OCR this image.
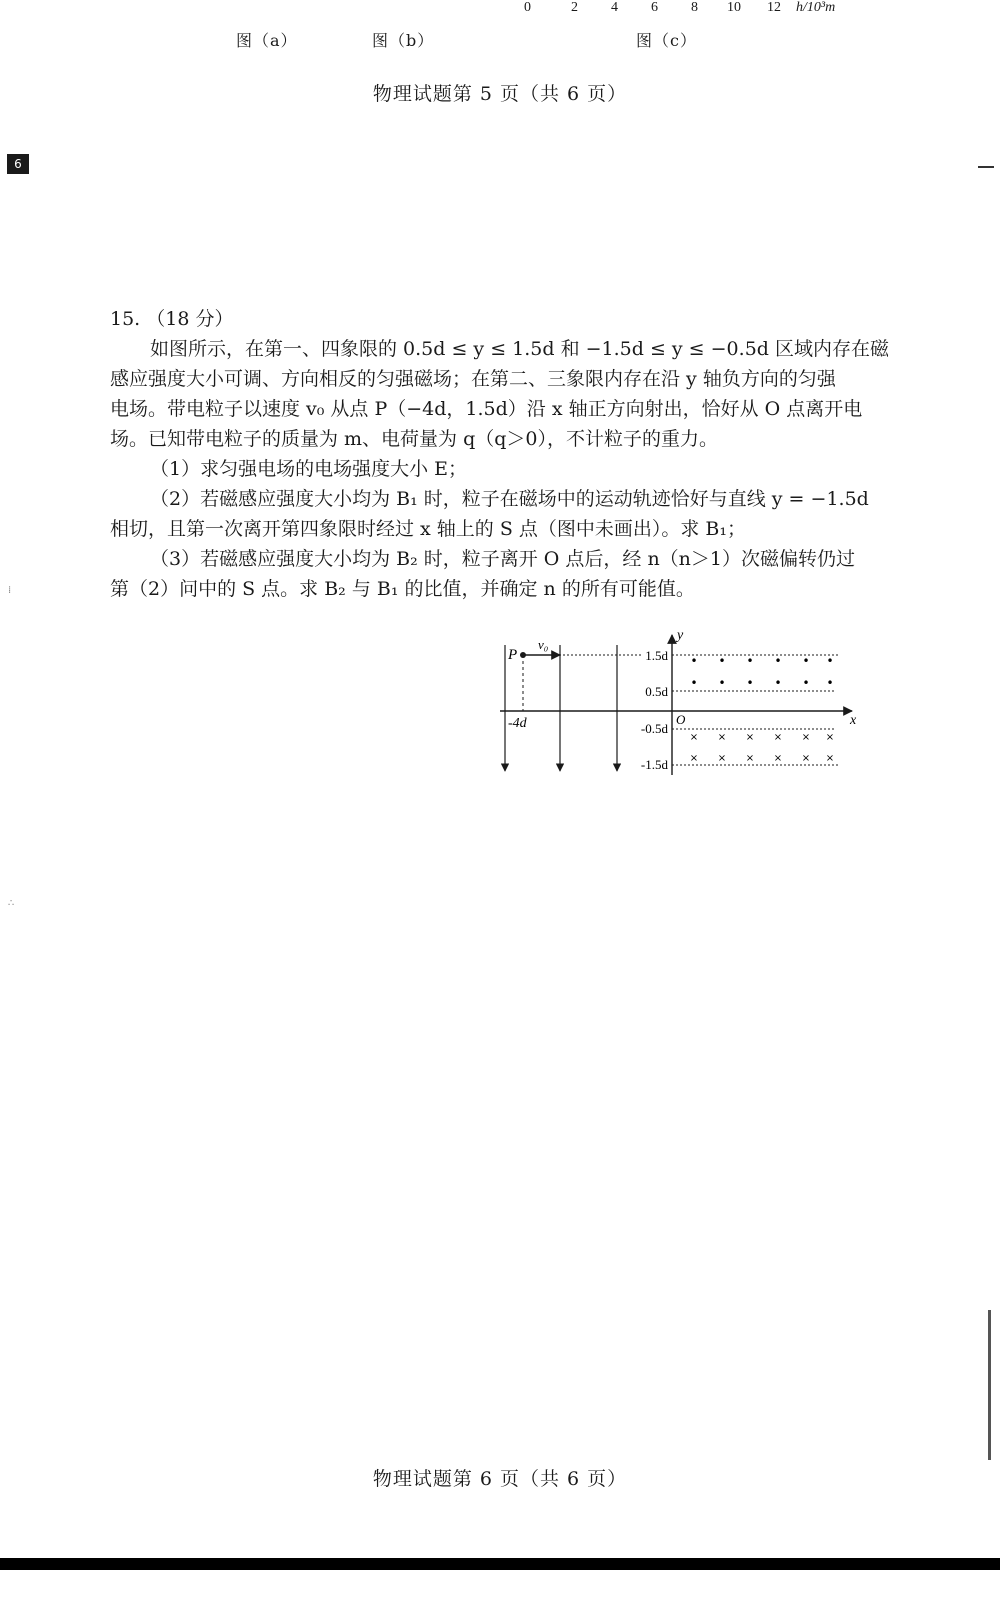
0	2 4 6 8 10 12 h/10³m
图（a）	图（b）	图（c）
物理试题第 5 页（共 6 页）
6

15. （18 分）

如图所示，在第一、四象限的 0.5d ≤ y ≤ 1.5d 和 −1.5d ≤ y ≤ −0.5d 区域内存在磁

感应强度大小可调、方向相反的匀强磁场；在第二、三象限内存在沿 y 轴负方向的匀强

电场。带电粒子以速度 v₀ 从点 P（−4d，1.5d）沿 x 轴正方向射出，恰好从 O 点离开电

场。已知带电粒子的质量为 m、电荷量为 q（q＞0），不计粒子的重力。

（1）求匀强电场的电场强度大小 E；

（2）若磁感应强度大小均为 B₁ 时，粒子在磁场中的运动轨迹恰好与直线 y = −1.5d

相切，且第一次离开第四象限时经过 x 轴上的 S 点（图中未画出）。求 B₁；

（3）若磁感应强度大小均为 B₂ 时，粒子离开 O 点后，经 n（n＞1）次磁偏转仍过

第（2）问中的 S 点。求 B₂ 与 B₁ 的比值，并确定 n 的所有可能值。

P
v₀
y
x
O
-4d
1.5d
0.5d
-0.5d
-1.5d
• • • • • •
• • • • • •
× × × × × ×
× × × × × ×
⁞
∴
物理试题第 6 页（共 6 页）
